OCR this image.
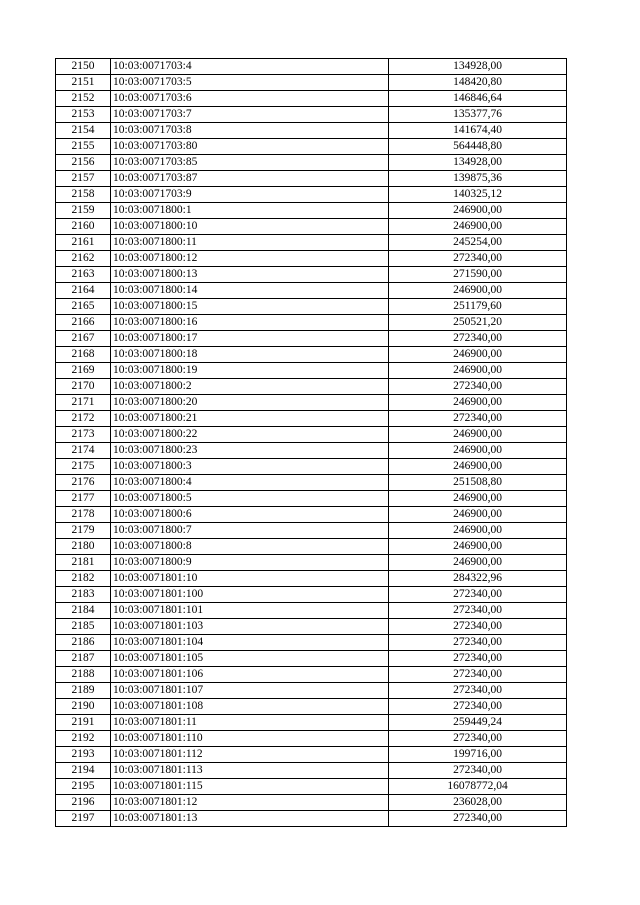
2150	10:03:0071703:4	134928,00
2151	10:03:0071703:5	148420,80
2152	10:03:0071703:6	146846,64
2153	10:03:0071703:7	135377,76
2154	10:03:0071703:8	141674,40
2155	10:03:0071703:80	564448,80
2156	10:03:0071703:85	134928,00
2157	10:03:0071703:87	139875,36
2158	10:03:0071703:9	140325,12
2159	10:03:0071800:1	246900,00
2160	10:03:0071800:10	246900,00
2161	10:03:0071800:11	245254,00
2162	10:03:0071800:12	272340,00
2163	10:03:0071800:13	271590,00
2164	10:03:0071800:14	246900,00
2165	10:03:0071800:15	251179,60
2166	10:03:0071800:16	250521,20
2167	10:03:0071800:17	272340,00
2168	10:03:0071800:18	246900,00
2169	10:03:0071800:19	246900,00
2170	10:03:0071800:2	272340,00
2171	10:03:0071800:20	246900,00
2172	10:03:0071800:21	272340,00
2173	10:03:0071800:22	246900,00
2174	10:03:0071800:23	246900,00
2175	10:03:0071800:3	246900,00
2176	10:03:0071800:4	251508,80
2177	10:03:0071800:5	246900,00
2178	10:03:0071800:6	246900,00
2179	10:03:0071800:7	246900,00
2180	10:03:0071800:8	246900,00
2181	10:03:0071800:9	246900,00
2182	10:03:0071801:10	284322,96
2183	10:03:0071801:100	272340,00
2184	10:03:0071801:101	272340,00
2185	10:03:0071801:103	272340,00
2186	10:03:0071801:104	272340,00
2187	10:03:0071801:105	272340,00
2188	10:03:0071801:106	272340,00
2189	10:03:0071801:107	272340,00
2190	10:03:0071801:108	272340,00
2191	10:03:0071801:11	259449,24
2192	10:03:0071801:110	272340,00
2193	10:03:0071801:112	199716,00
2194	10:03:0071801:113	272340,00
2195	10:03:0071801:115	16078772,04
2196	10:03:0071801:12	236028,00
2197	10:03:0071801:13	272340,00
